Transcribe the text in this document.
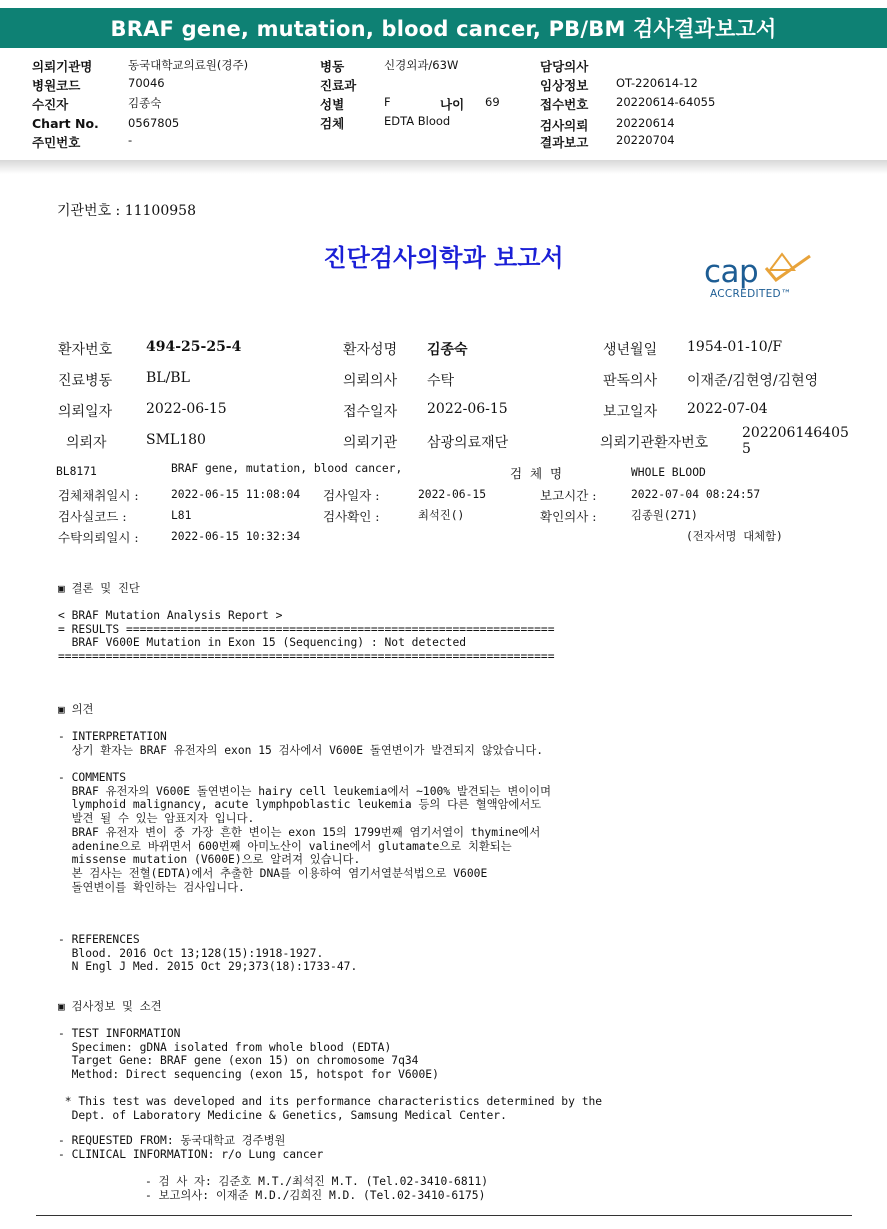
BRAF gene, mutation, blood cancer, PB/BM 검사결과보고서
의뢰기관명	동국대학교의료원(경주)
병원코드	70046
수진자	김종숙
Chart No.	0567805
주민번호	-
병동	신경외과/63W
진료과
성별	F	나이 69
검체	EDTA Blood
담당의사
임상정보 OT-220614-12
접수번호 20220614-64055
검사의뢰 20220614
결과보고 20220704
기관번호 : 11100958
진단검사의학과 보고서	cap
ACCREDITED™
환자번호 494-25-25-4	환자성명 김종숙	생년월일 1954-01-10/F
진료병동 BL/BL	의뢰의사 수탁	판독의사 이재준/김현영/김현영
의뢰일자 2022-06-15	접수일자 2022-06-15	보고일자 2022-07-04
의뢰자	SML180	의뢰기관 삼광의료재단	의뢰기관환자번호
202206146405
5
BL8171	BRAF gene, mutation, blood cancer,	검  체  명	WHOLE BLOOD
검체채취일시 :	2022-06-15 11:08:04 검사일자 :	2022-06-15	보고시간 :	2022-07-04 08:24:57
검사실코드 :	L81	검사확인 :	최석진()	확인의사 :	김종원(271)
수탁의뢰일시 :	2022-06-15 10:32:34	(전자서명 대체함)
▣ 결론 및 진단
< BRAF Mutation Analysis Report >
= RESULTS ===============================================================
BRAF V600E Mutation in Exon 15 (Sequencing) : Not detected
=========================================================================
▣ 의견
- INTERPRETATION
상기 환자는 BRAF 유전자의 exon 15 검사에서 V600E 돌연변이가 발견되지 않았습니다.
- COMMENTS
BRAF 유전자의 V600E 돌연변이는 hairy cell leukemia에서 ~100% 발견되는 변이이며
lymphoid malignancy, acute lymphpoblastic leukemia 등의 다른 혈액암에서도
발견 될 수 있는 암표지자 입니다.
BRAF 유전자 변이 중 가장 흔한 변이는 exon 15의 1799번째 염기서열이 thymine에서
adenine으로 바뀌면서 600번째 아미노산이 valine에서 glutamate으로 치환되는
missense mutation (V600E)으로 알려져 있습니다.
본 검사는 전혈(EDTA)에서 추출한 DNA를 이용하여 염기서열분석법으로 V600E
돌연변이를 확인하는 검사입니다.
- REFERENCES
Blood. 2016 Oct 13;128(15):1918-1927.
N Engl J Med. 2015 Oct 29;373(18):1733-47.
▣ 검사정보 및 소견
- TEST INFORMATION
Specimen: gDNA isolated from whole blood (EDTA)
Target Gene: BRAF gene (exon 15) on chromosome 7q34
Method: Direct sequencing (exon 15, hotspot for V600E)
* This test was developed and its performance characteristics determined by the
Dept. of Laboratory Medicine & Genetics, Samsung Medical Center.
- REQUESTED FROM: 동국대학교 경주병원
- CLINICAL INFORMATION: r/o Lung cancer
- 검 사 자: 김준호 M.T./최석진 M.T. (Tel.02-3410-6811)
- 보고의사: 이재준 M.D./김희진 M.D. (Tel.02-3410-6175)
